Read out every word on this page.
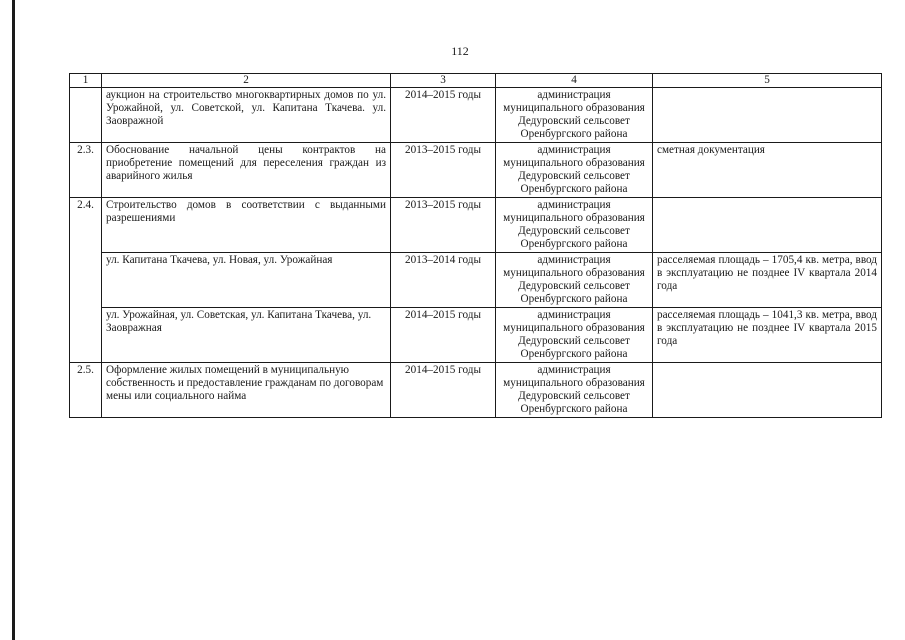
112
1	2	3	4	5
	аукцион на строительство многоквартирных домов по ул. Урожайной, ул. Советской, ул. Капитана Ткачева. ул. Заовражной	2014–2015 годы	администрация муниципального образования Дедуровский сельсовет Оренбургского района	
2.3.	Обоснование начальной цены контрактов на приобретение помещений для переселения граждан из аварийного жилья	2013–2015 годы	администрация муниципального образования Дедуровский сельсовет Оренбургского района	сметная документация
2.4.	Строительство домов в соответствии с выданными разрешениями	2013–2015 годы	администрация муниципального образования Дедуровский сельсовет Оренбургского района	
	ул. Капитана Ткачева, ул. Новая, ул. Урожайная	2013–2014 годы	администрация муниципального образования Дедуровский сельсовет Оренбургского района	расселяемая площадь – 1705,4 кв. метра, ввод в эксплуатацию не позднее IV квартала 2014 года
	ул. Урожайная, ул. Советская, ул. Капитана Ткачева, ул. Заовражная	2014–2015 годы	администрация муниципального образования Дедуровский сельсовет Оренбургского района	расселяемая площадь – 1041,3 кв. метра, ввод в эксплуатацию не позднее IV квартала 2015 года
2.5.	Оформление жилых помещений в муниципальную собственность и предоставление гражданам по договорам мены или социального найма	2014–2015 годы	администрация муниципального образования Дедуровский сельсовет Оренбургского района	
